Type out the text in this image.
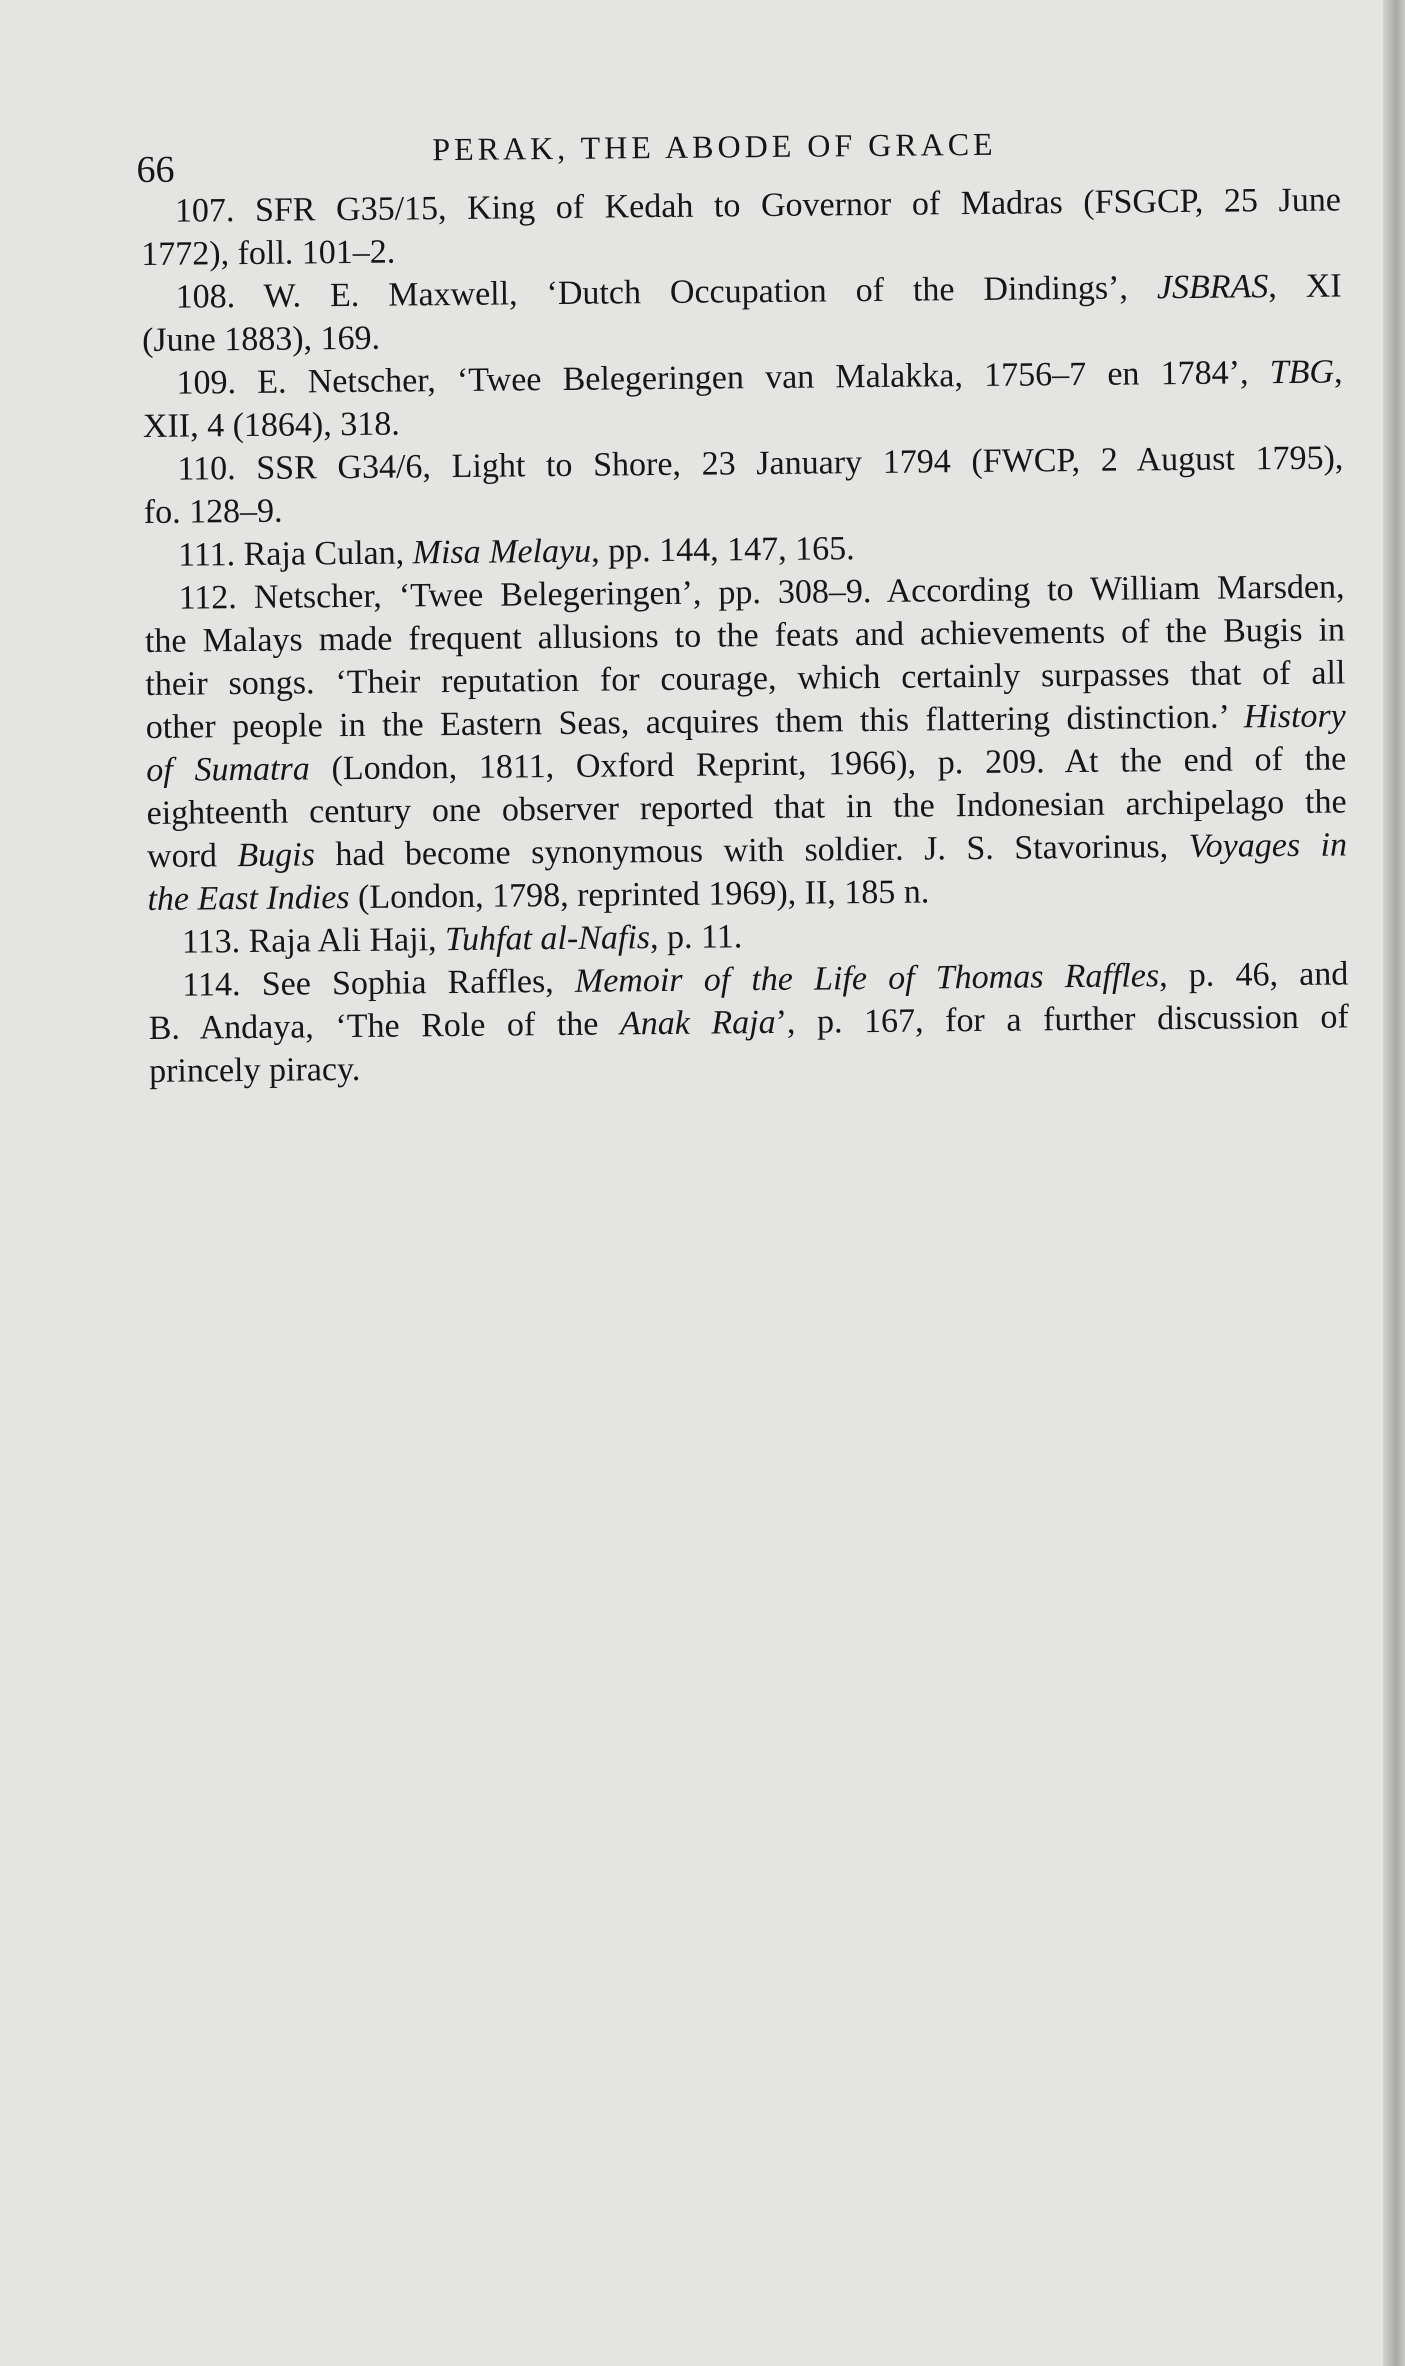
66
PERAK, THE ABODE OF GRACE
107. SFR G35/15, King of Kedah to Governor of Madras (FSGCP, 25 June
1772), foll. 101–2.
108. W. E. Maxwell, ‘Dutch Occupation of the Dindings’, JSBRAS, XI
(June 1883), 169.
109. E. Netscher, ‘Twee Belegeringen van Malakka, 1756–7 en 1784’, TBG,
XII, 4 (1864), 318.
110. SSR G34/6, Light to Shore, 23 January 1794 (FWCP, 2 August 1795),
fo. 128–9.
111. Raja Culan, Misa Melayu, pp. 144, 147, 165.
112. Netscher, ‘Twee Belegeringen’, pp. 308–9. According to William Marsden,
the Malays made frequent allusions to the feats and achievements of the Bugis in
their songs. ‘Their reputation for courage, which certainly surpasses that of all
other people in the Eastern Seas, acquires them this flattering distinction.’ History
of Sumatra (London, 1811, Oxford Reprint, 1966), p. 209. At the end of the
eighteenth century one observer reported that in the Indonesian archipelago the
word Bugis had become synonymous with soldier. J. S. Stavorinus, Voyages in
the East Indies (London, 1798, reprinted 1969), II, 185 n.
113. Raja Ali Haji, Tuhfat al-Nafis, p. 11.
114. See Sophia Raffles, Memoir of the Life of Thomas Raffles, p. 46, and
B. Andaya, ‘The Role of the Anak Raja’, p. 167, for a further discussion of
princely piracy.
